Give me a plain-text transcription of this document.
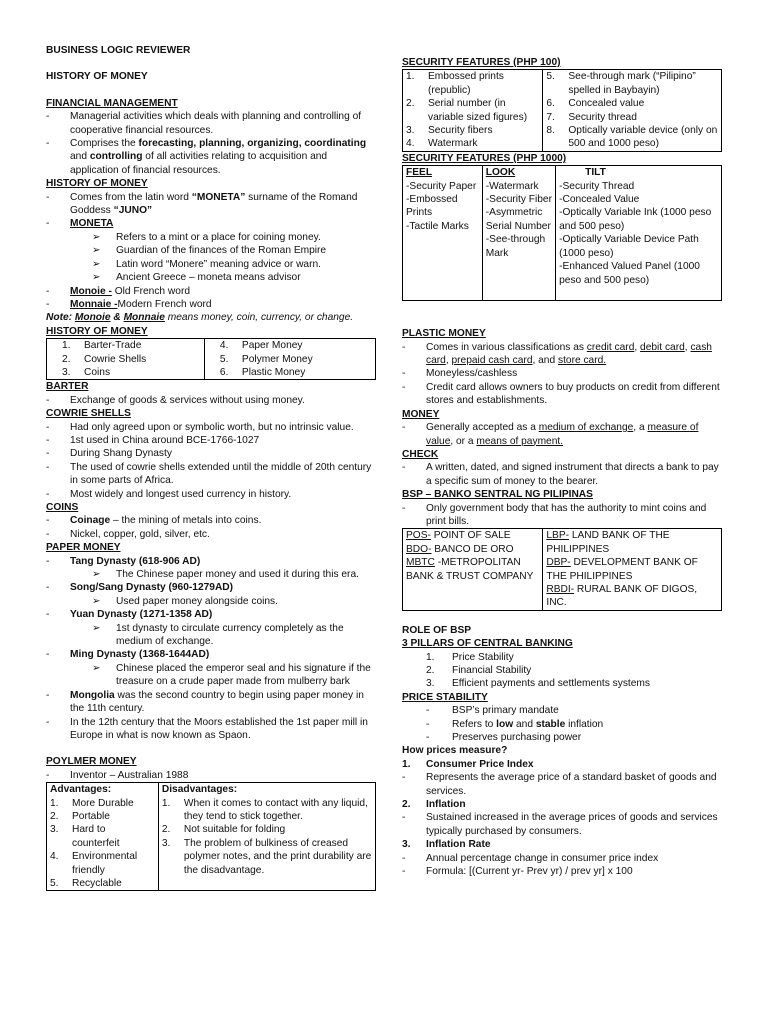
BUSINESS LOGIC REVIEWER
HISTORY OF MONEY
FINANCIAL MANAGEMENT
-	Managerial activities which deals with planning and controlling of cooperative financial resources.
-	Comprises the forecasting, planning, organizing, coordinating and controlling of all activities relating to acquisition and application of financial resources.
HISTORY OF MONEY
-	Comes from the latin word “MONETA” surname of the Romand Goddess “JUNO”
-	MONETA
➢	Refers to a mint or a place for coining money.
➢	Guardian of the finances of the Roman Empire
➢	Latin word “Monere” meaning advice or warn.
➢	Ancient Greece – moneta means advisor
-	Monoie - Old French word
-	Monnaie -Modern French word
Note: Monoie & Monnaie means money, coin, currency, or change.
HISTORY OF MONEY
1. Barter-Trade
2. Cowrie Shells
3. Coins

4. Paper Money
5. Polymer Money
6. Plastic Money
BARTER
-	Exchange of goods & services without using money.
COWRIE SHELLS
-	Had only agreed upon or symbolic worth, but no intrinsic value.
-	1st used in China around BCE-1766-1027
-	During Shang Dynasty
-	The used of cowrie shells extended until the middle of 20th century in some parts of Africa.
-	Most widely and longest used currency in history.
COINS
-	Coinage – the mining of metals into coins.
-	Nickel, copper, gold, silver, etc.
PAPER MONEY
-	Tang Dynasty (618-906 AD)
➢	The Chinese paper money and used it during this era.
-	Song/Sang Dynasty (960-1279AD)
➢	Used paper money alongside coins.
-	Yuan Dynasty (1271-1358 AD)
➢	1st dynasty to circulate currency completely as the medium of exchange.
-	Ming Dynasty (1368-1644AD)
➢	Chinese placed the emperor seal and his signature if the treasure on a crude paper made from mulberry bark
-	Mongolia was the second country to begin using paper money in the 11th century.
-	In the 12th century that the Moors established the 1st paper mill in Europe in what is now known as Spaon.
POYLMER MONEY
-	Inventor – Australian 1988
Advantages:
1.	More Durable
2.	Portable
3.	Hard to counterfeit
4.	Environmental friendly
5.	Recyclable

Disadvantages:
1.	When it comes to contact with any liquid, they tend to stick together.
2.	Not suitable for folding
3.	The problem of bulkiness of creased polymer notes, and the print durability are the disadvantage.
SECURITY FEATURES (PHP 100)
1.	Embossed prints (republic)
2.	Serial number (in variable sized figures)
3.	Security fibers
4.	Watermark

5.	See-through mark (“Pilipino” spelled in Baybayin)
6.	Concealed value
7.	Security thread
8.	Optically variable device (only on 500 and 1000 peso)
SECURITY FEATURES (PHP 1000)
FEEL
-Security Paper
-Embossed Prints
-Tactile Marks

LOOK
-Watermark
-Security Fiber
-Asymmetric Serial Number
-See-through Mark

TILT
-Security Thread
-Concealed Value
-Optically Variable Ink (1000 peso and 500 peso)
-Optically Variable Device Path (1000 peso)
-Enhanced Valued Panel (1000 peso and 500 peso)
PLASTIC MONEY
-	Comes in various classifications as credit card, debit card, cash card, prepaid cash card, and store card.
-	Moneyless/cashless
-	Credit card allows owners to buy products on credit from different stores and establishments.
MONEY
-	Generally accepted as a medium of exchange, a measure of value, or a means of payment.
CHECK
-	A written, dated, and signed instrument that directs a bank to pay a specific sum of money to the bearer.
BSP – BANKO SENTRAL NG PILIPINAS
-	Only government body that has the authority to mint coins and print bills.
POS- POINT OF SALE
BDO- BANCO DE ORO
MBTC -METROPOLITAN BANK & TRUST COMPANY

LBP- LAND BANK OF THE PHILIPPINES
DBP- DEVELOPMENT BANK OF THE PHILIPPINES
RBDI- RURAL BANK OF DIGOS, INC.
ROLE OF BSP
3 PILLARS OF CENTRAL BANKING
1.	Price Stability
2.	Financial Stability
3.	Efficient payments and settlements systems
PRICE STABILITY
-	BSP’s primary mandate
-	Refers to low and stable inflation
-	Preserves purchasing power
How prices measure?
1.	Consumer Price Index
-	Represents the average price of a standard basket of goods and services.
2.	Inflation
-	Sustained increased in the average prices of goods and services typically purchased by consumers.
3.	Inflation Rate
-	Annual percentage change in consumer price index
-	Formula: [(Current yr- Prev yr) / prev yr] x 100
